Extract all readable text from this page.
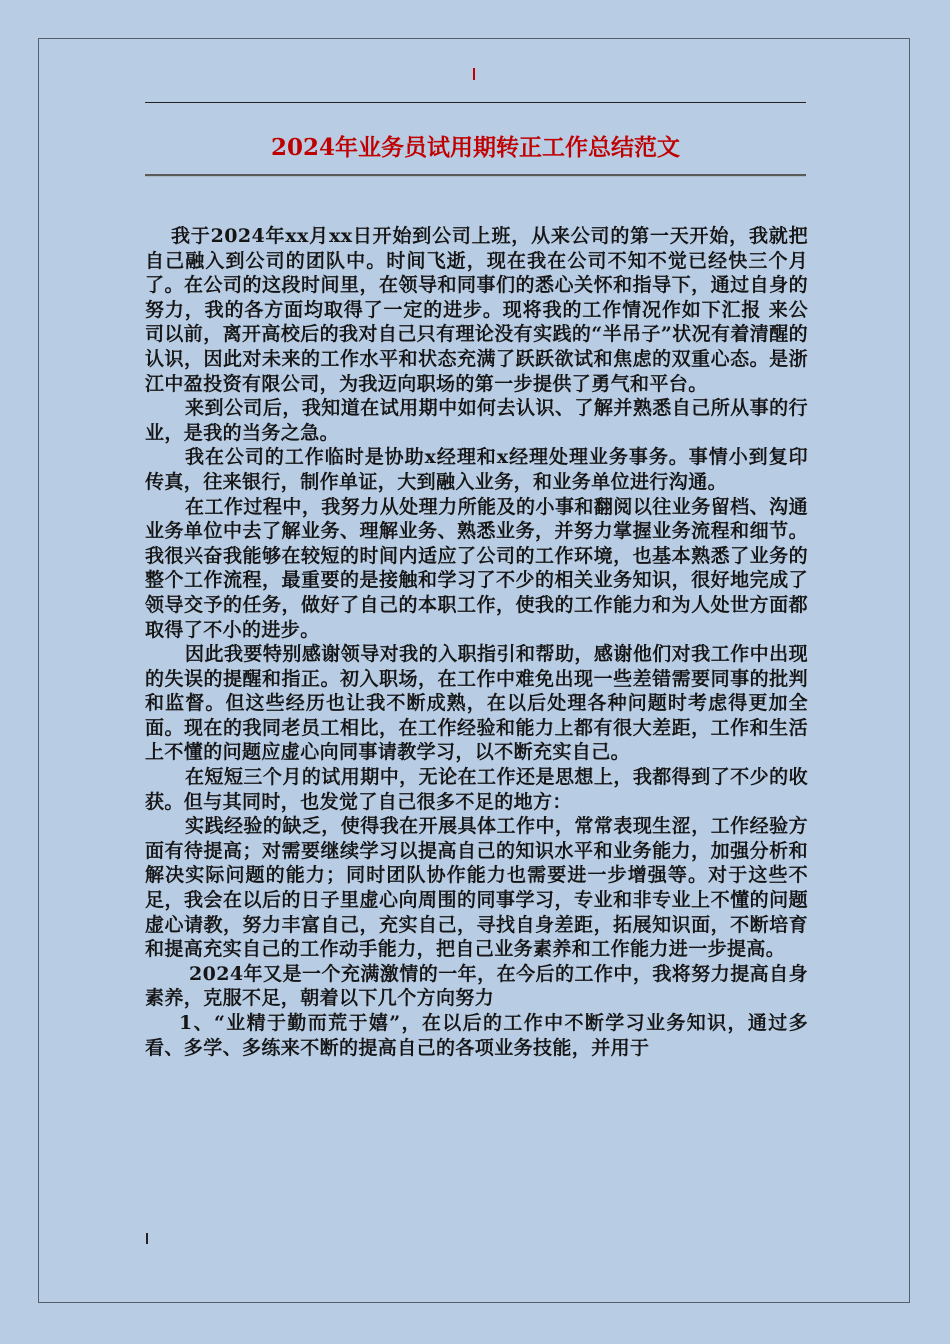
2024年业务员试用期转正工作总结范文

我于2024年xx月xx日开始到公司上班，从来公司的第一天开始，我就把自己融入到公司的团队中。时间飞逝，现在我在公司不知不觉已经快三个月了。在公司的这段时间里，在领导和同事们的悉心关怀和指导下，通过自身的努力，我的各方面均取得了一定的进步。现将我的工作情况作如下汇报 来公司以前，离开高校后的我对自己只有理论没有实践的“半吊子”状况有着清醒的认识，因此对未来的工作水平和状态充满了跃跃欲试和焦虑的双重心态。是浙江中盈投资有限公司，为我迈向职场的第一步提供了勇气和平台。

来到公司后，我知道在试用期中如何去认识、了解并熟悉自己所从事的行业，是我的当务之急。

我在公司的工作临时是协助x经理和x经理处理业务事务。事情小到复印传真，往来银行，制作单证，大到融入业务，和业务单位进行沟通。

在工作过程中，我努力从处理力所能及的小事和翻阅以往业务留档、沟通业务单位中去了解业务、理解业务、熟悉业务，并努力掌握业务流程和细节。我很兴奋我能够在较短的时间内适应了公司的工作环境，也基本熟悉了业务的整个工作流程，最重要的是接触和学习了不少的相关业务知识，很好地完成了领导交予的任务，做好了自己的本职工作，使我的工作能力和为人处世方面都取得了不小的进步。

因此我要特别感谢领导对我的入职指引和帮助，感谢他们对我工作中出现的失误的提醒和指正。初入职场，在工作中难免出现一些差错需要同事的批判和监督。但这些经历也让我不断成熟，在以后处理各种问题时考虑得更加全面。现在的我同老员工相比，在工作经验和能力上都有很大差距，工作和生活上不懂的问题应虚心向同事请教学习，以不断充实自己。

在短短三个月的试用期中，无论在工作还是思想上，我都得到了不少的收获。但与其同时，也发觉了自己很多不足的地方：

实践经验的缺乏，使得我在开展具体工作中，常常表现生涩，工作经验方面有待提高；对需要继续学习以提高自己的知识水平和业务能力，加强分析和解决实际问题的能力；同时团队协作能力也需要进一步增强等。对于这些不足，我会在以后的日子里虚心向周围的同事学习，专业和非专业上不懂的问题虚心请教，努力丰富自己，充实自己，寻找自身差距，拓展知识面，不断培育和提高充实自己的工作动手能力，把自己业务素养和工作能力进一步提高。

2024年又是一个充满激情的一年，在今后的工作中，我将努力提高自身素养，克服不足，朝着以下几个方向努力

1、“业精于勤而荒于嬉”，在以后的工作中不断学习业务知识，通过多看、多学、多练来不断的提高自己的各项业务技能，并用于
